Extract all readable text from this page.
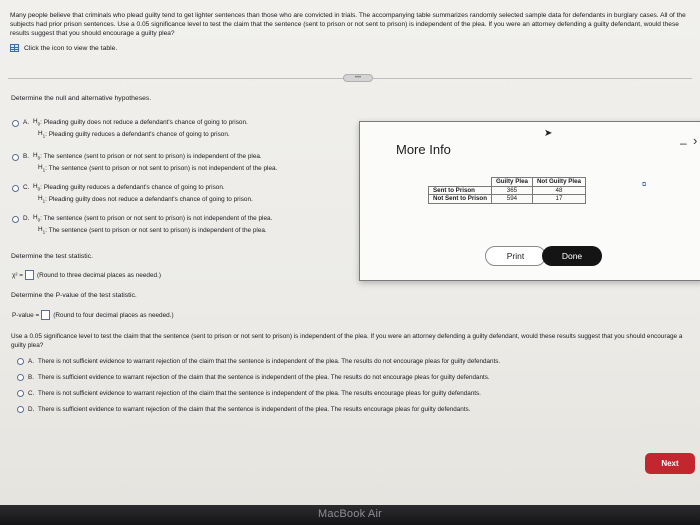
Many people believe that criminals who plead guilty tend to get lighter sentences than those who are convicted in trials. The accompanying table summarizes randomly selected sample data for defendants in burglary cases. All of the subjects had prior prison sentences. Use a 0.05 significance level to test the claim that the sentence (sent to prison or not sent to prison) is independent of the plea. If you were an attorney defending a guilty defendant, would these results suggest that you should encourage a guilty plea?
Click the icon to view the table.
•••
Determine the null and alternative hypotheses.
A. $H_0$ : Pleading guilty does not reduce a defendant's chance of going to prison.
$H_1$ : Pleading guilty reduces a defendant's chance of going to prison.
B. $H_0$ : The sentence (sent to prison or not sent to prison) is independent of the plea.
$H_1$ : The sentence (sent to prison or not sent to prison) is not independent of the plea.
C. $H_0$ : Pleading guilty reduces a defendant's chance of going to prison.
$H_1$ : Pleading guilty does not reduce a defendant's chance of going to prison.
D. $H_0$ : The sentence (sent to prison or not sent to prison) is not independent of the plea.
$H_1$ : The sentence (sent to prison or not sent to prison) is independent of the plea.
Determine the test statistic.
χ² = (Round to three decimal places as needed.)
Determine the P-value of the test statistic.
P-value = (Round to four decimal places as needed.)
Use a 0.05 significance level to test the claim that the sentence (sent to prison or not sent to prison) is independent of the plea. If you were an attorney defending a guilty defendant, would these results suggest that you should encourage a guilty plea?
A. There is not sufficient evidence to warrant rejection of the claim that the sentence is independent of the plea. The results do not encourage pleas for guilty defendants.
B. There is sufficient evidence to warrant rejection of the claim that the sentence is independent of the plea. The results do not encourage pleas for guilty defendants.
C. There is not sufficient evidence to warrant rejection of the claim that the sentence is independent of the plea. The results encourage pleas for guilty defendants.
D. There is sufficient evidence to warrant rejection of the claim that the sentence is independent of the plea. The results encourage pleas for guilty defendants.
Next
More Info
➤
– ›
	Guilty Plea	Not Guilty Plea
Sent to Prison	365	48
Not Sent to Prison	594	17
⧉
Print	Done
MacBook Air
